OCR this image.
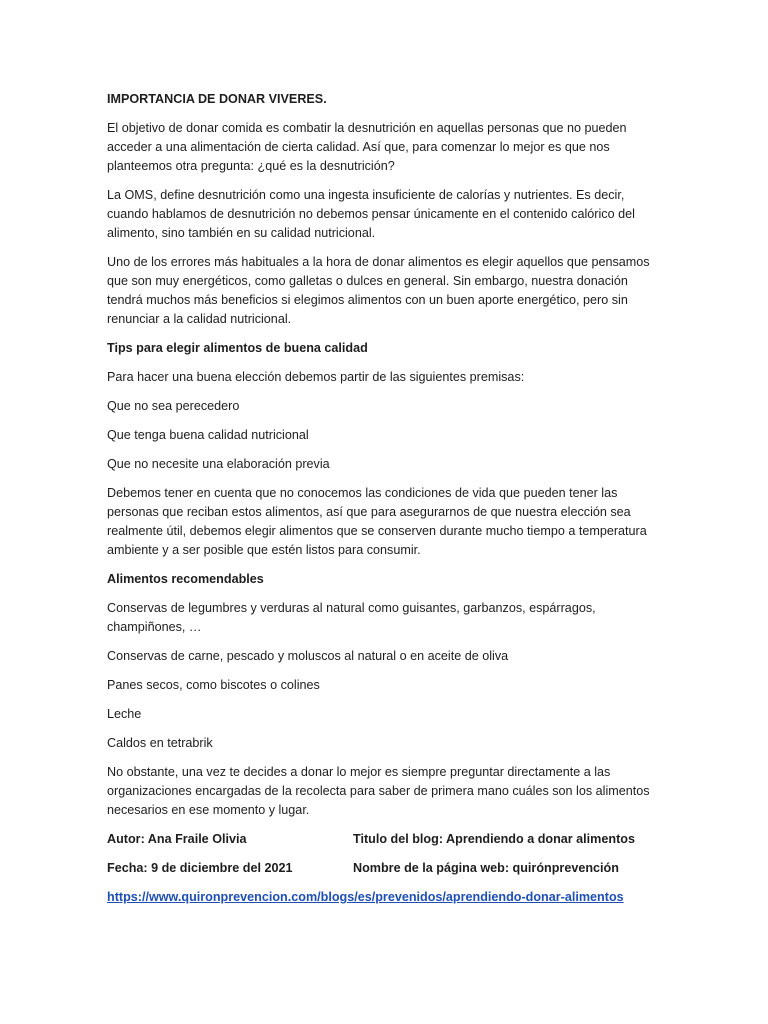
IMPORTANCIA DE DONAR VIVERES.

El objetivo de donar comida es combatir la desnutrición en aquellas personas que no pueden
acceder a una alimentación de cierta calidad. Así que, para comenzar lo mejor es que nos
planteemos otra pregunta: ¿qué es la desnutrición?

La OMS, define desnutrición como una ingesta insuficiente de calorías y nutrientes. Es decir,
cuando hablamos de desnutrición no debemos pensar únicamente en el contenido calórico del
alimento, sino también en su calidad nutricional.

Uno de los errores más habituales a la hora de donar alimentos es elegir aquellos que pensamos
que son muy energéticos, como galletas o dulces en general. Sin embargo, nuestra donación
tendrá muchos más beneficios si elegimos alimentos con un buen aporte energético, pero sin
renunciar a la calidad nutricional.

Tips para elegir alimentos de buena calidad

Para hacer una buena elección debemos partir de las siguientes premisas:

Que no sea perecedero

Que tenga buena calidad nutricional

Que no necesite una elaboración previa

Debemos tener en cuenta que no conocemos las condiciones de vida que pueden tener las
personas que reciban estos alimentos, así que para asegurarnos de que nuestra elección sea
realmente útil, debemos elegir alimentos que se conserven durante mucho tiempo a temperatura
ambiente y a ser posible que estén listos para consumir.

Alimentos recomendables

Conservas de legumbres y verduras al natural como guisantes, garbanzos, espárragos,
champiñones, …

Conservas de carne, pescado y moluscos al natural o en aceite de oliva

Panes secos, como biscotes o colines

Leche

Caldos en tetrabrik

No obstante, una vez te decides a donar lo mejor es siempre preguntar directamente a las
organizaciones encargadas de la recolecta para saber de primera mano cuáles son los alimentos
necesarios en ese momento y lugar.

Autor: Ana Fraile Olivia	Titulo del blog: Aprendiendo a donar alimentos
Fecha: 9 de diciembre del 2021	Nombre de la página web: quirónprevención

https://www.quironprevencion.com/blogs/es/prevenidos/aprendiendo-donar-alimentos
